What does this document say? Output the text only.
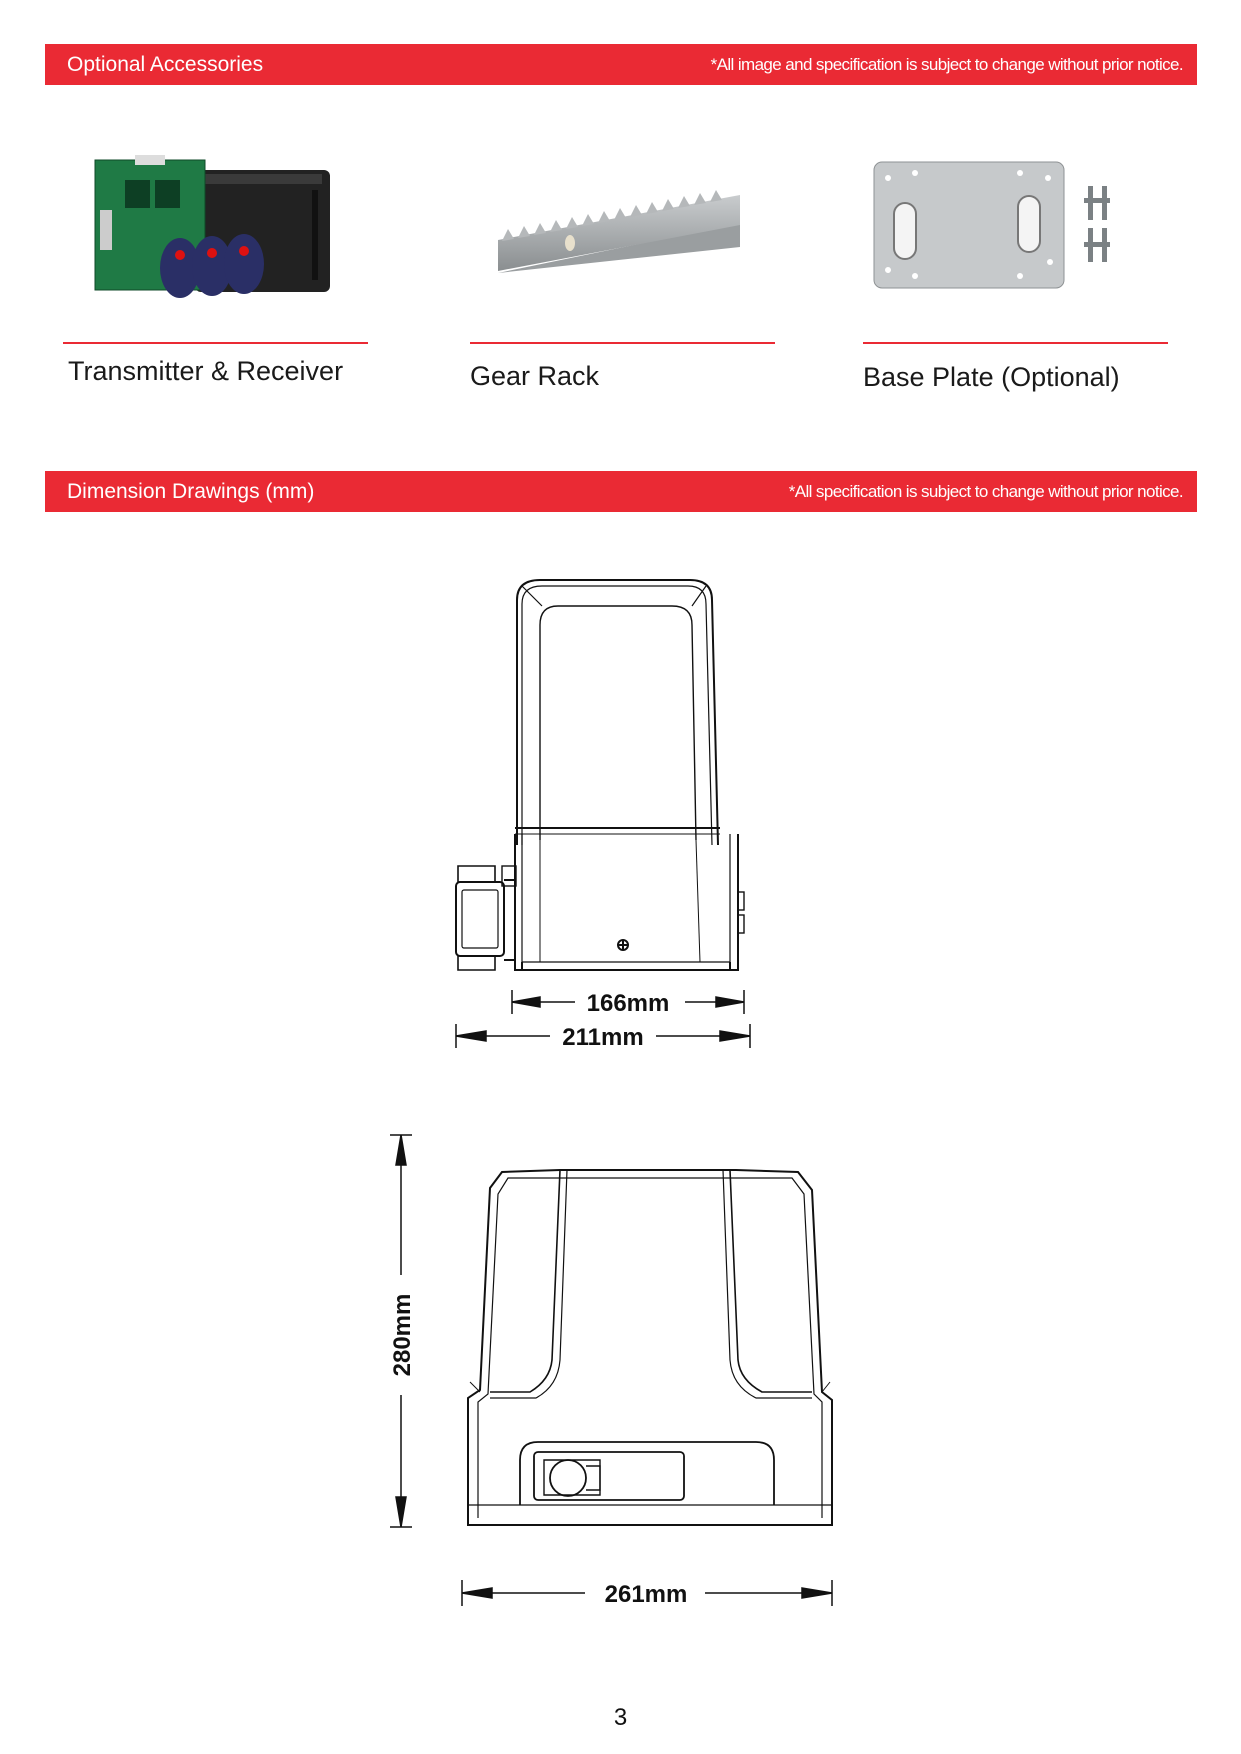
Optional Accessories	*All image and specification is subject to change without prior notice.
Transmitter & Receiver	Gear Rack	Base Plate (Optional)
Dimension Drawings (mm)	*All specification is subject to change without prior notice.
166mm
211mm
280mm
261mm
3
